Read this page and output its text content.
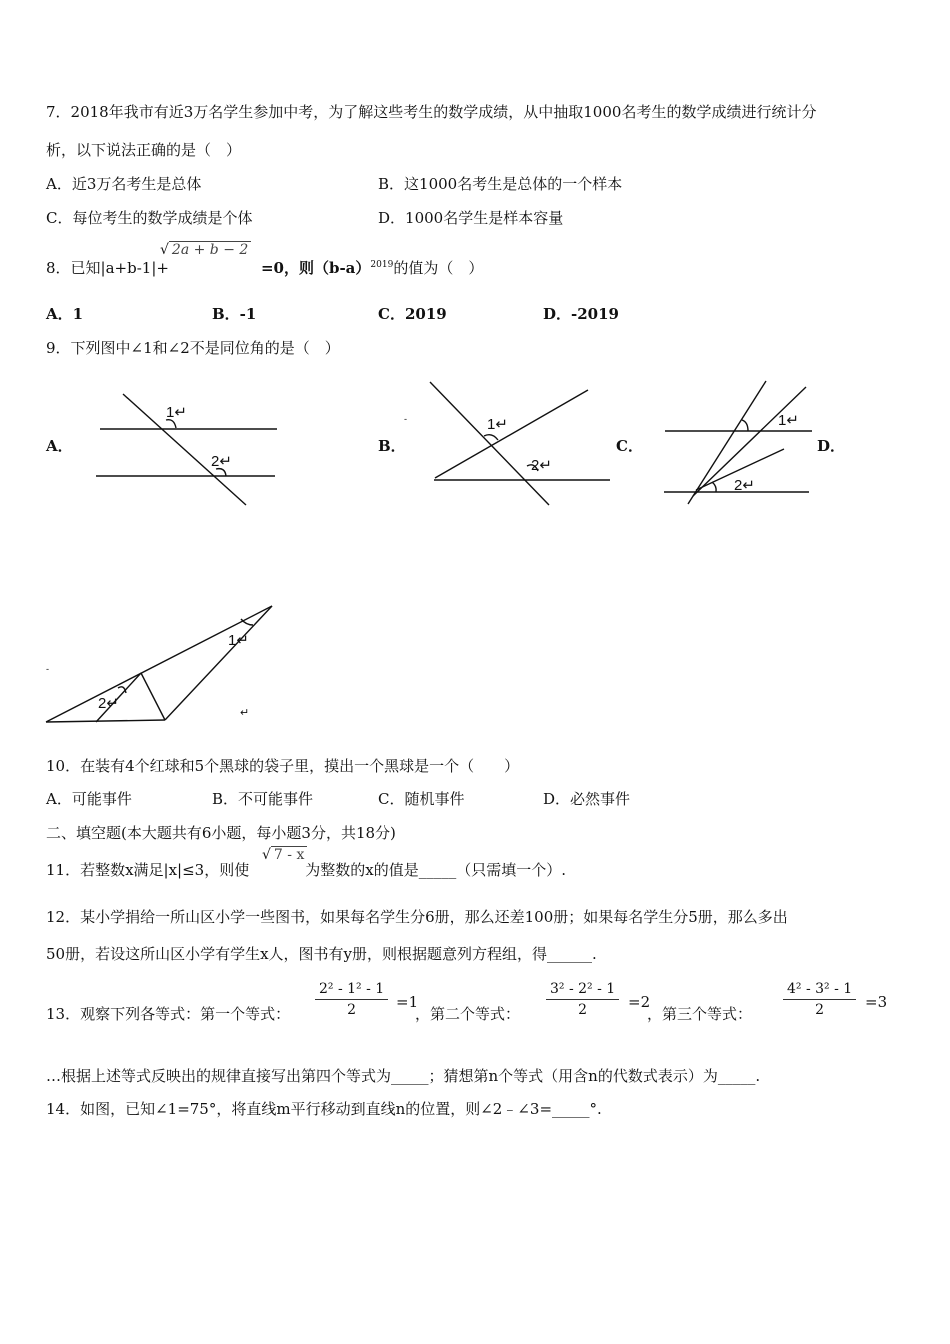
7．2018年我市有近3万名学生参加中考，为了解这些考生的数学成绩，从中抽取1000名考生的数学成绩进行统计分
析，以下说法正确的是（　）
A．近3万名考生是总体	B．这1000名考生是总体的一个样本
C．每位考生的数学成绩是个体	D．1000名学生是样本容量
8．已知|a+b-1|+	=0，则$(b-a)^{2019}$的值为（　）
√ 2a + b − 2
A．1	B．-1	C．2019	D．-2019
9．下列图中∠1和∠2不是同位角的是（　）
A．	B．	C．	D．
1↵
2↵
1↵
2↵
-	1↵
2↵
1↵
2↵
↵
-
10．在装有4个红球和5个黑球的袋子里，摸出一个黑球是一个（　　）
A．可能事件	B．不可能事件	C．随机事件	D．必然事件
二、填空题(本大题共有6小题，每小题3分，共18分)
11．若整数x满足|x|≤3，则使	为整数的x的值是_____（只需填一个）.
√ 7 - x
12．某小学捐给一所山区小学一些图书，如果每名学生分6册，那么还差100册；如果每名学生分5册，那么多出
50册，若设这所山区小学有学生x人，图书有y册，则根据题意列方程组，得______.
13．观察下列各等式：第一个等式： $\frac{\text{2² - 1² - 1}}{2} =1$
，第二个等式： $\frac{\text{3² - 2² - 1}}{2} =2$
，第三个等式： $\frac{\text{4² - 3² - 1}}{2} =3$
…根据上述等式反映出的规律直接写出第四个等式为_____；猜想第n个等式（用含n的代数式表示）为_____.
14．如图，已知∠1=75°，将直线m平行移动到直线n的位置，则∠2﹣∠3=_____°.
